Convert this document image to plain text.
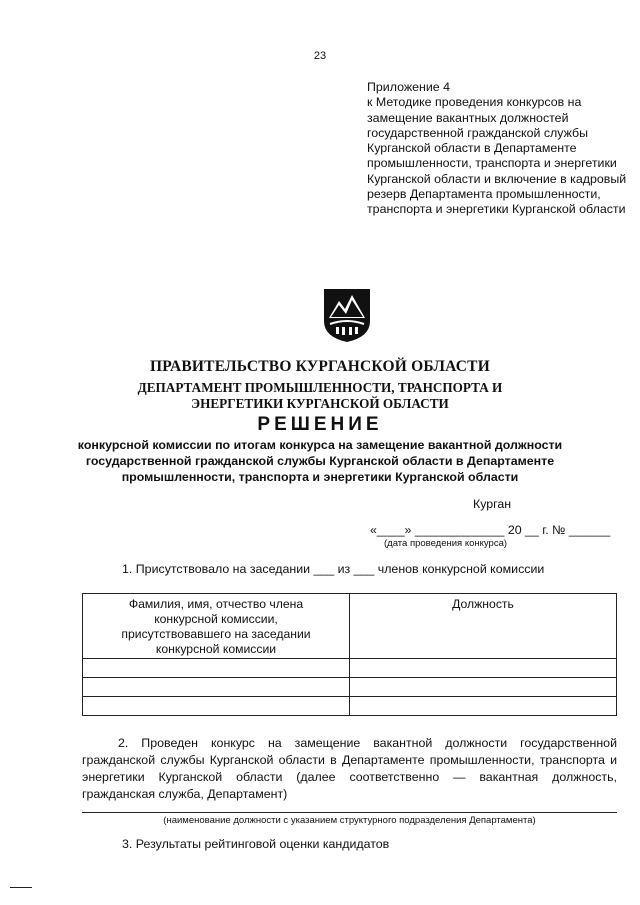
23
Приложение 4
к Методике проведения конкурсов на замещение вакантных должностей государственной гражданской службы Курганской области в Департаменте промышленности, транспорта и энергетики Курганской области и включение в кадровый резерв Департамента промышленности, транспорта и энергетики Курганской области
ПРАВИТЕЛЬСТВО КУРГАНСКОЙ ОБЛАСТИ
ДЕПАРТАМЕНТ ПРОМЫШЛЕННОСТИ, ТРАНСПОРТА И ЭНЕРГЕТИКИ КУРГАНСКОЙ ОБЛАСТИ
РЕШЕНИЕ
конкурсной комиссии по итогам конкурса на замещение вакантной должности государственной гражданской службы Курганской области в Департаменте промышленности, транспорта и энергетики Курганской области
Курган
«____» _____________ 20 __ г. № ______
(дата проведения конкурса)
1. Присутствовало на заседании ___ из ___ членов конкурсной комиссии
Фамилия, имя, отчество члена конкурсной комиссии, присутствовавшего на заседании конкурсной комиссии	Должность

2. Проведен конкурс на замещение вакантной должности государственной гражданской службы Курганской области в Департаменте промышленности, транспорта и энергетики Курганской области (далее соответственно — вакантная должность, гражданская служба, Департамент)
(наименование должности с указанием структурного подразделения Департамента)
3. Результаты рейтинговой оценки кандидатов
